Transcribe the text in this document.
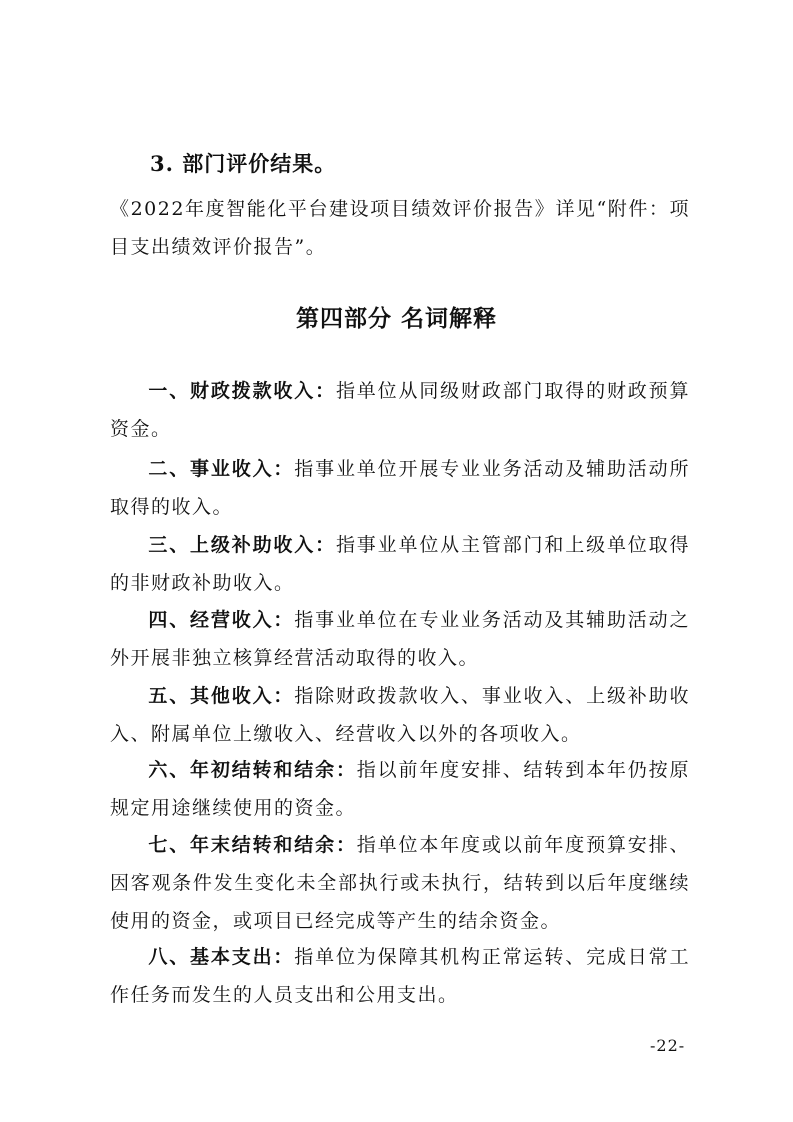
3. 部门评价结果。
《2022年度智能化平台建设项目绩效评价报告》详见“附件：项目支出绩效评价报告”。
第四部分 名词解释
一、财政拨款收入：指单位从同级财政部门取得的财政预算资金。
二、事业收入：指事业单位开展专业业务活动及辅助活动所取得的收入。
三、上级补助收入：指事业单位从主管部门和上级单位取得的非财政补助收入。
四、经营收入：指事业单位在专业业务活动及其辅助活动之外开展非独立核算经营活动取得的收入。
五、其他收入：指除财政拨款收入、事业收入、上级补助收入、附属单位上缴收入、经营收入以外的各项收入。
六、年初结转和结余：指以前年度安排、结转到本年仍按原规定用途继续使用的资金。
七、年末结转和结余：指单位本年度或以前年度预算安排、因客观条件发生变化未全部执行或未执行，结转到以后年度继续使用的资金，或项目已经完成等产生的结余资金。
八、基本支出：指单位为保障其机构正常运转、完成日常工作任务而发生的人员支出和公用支出。
-22-
